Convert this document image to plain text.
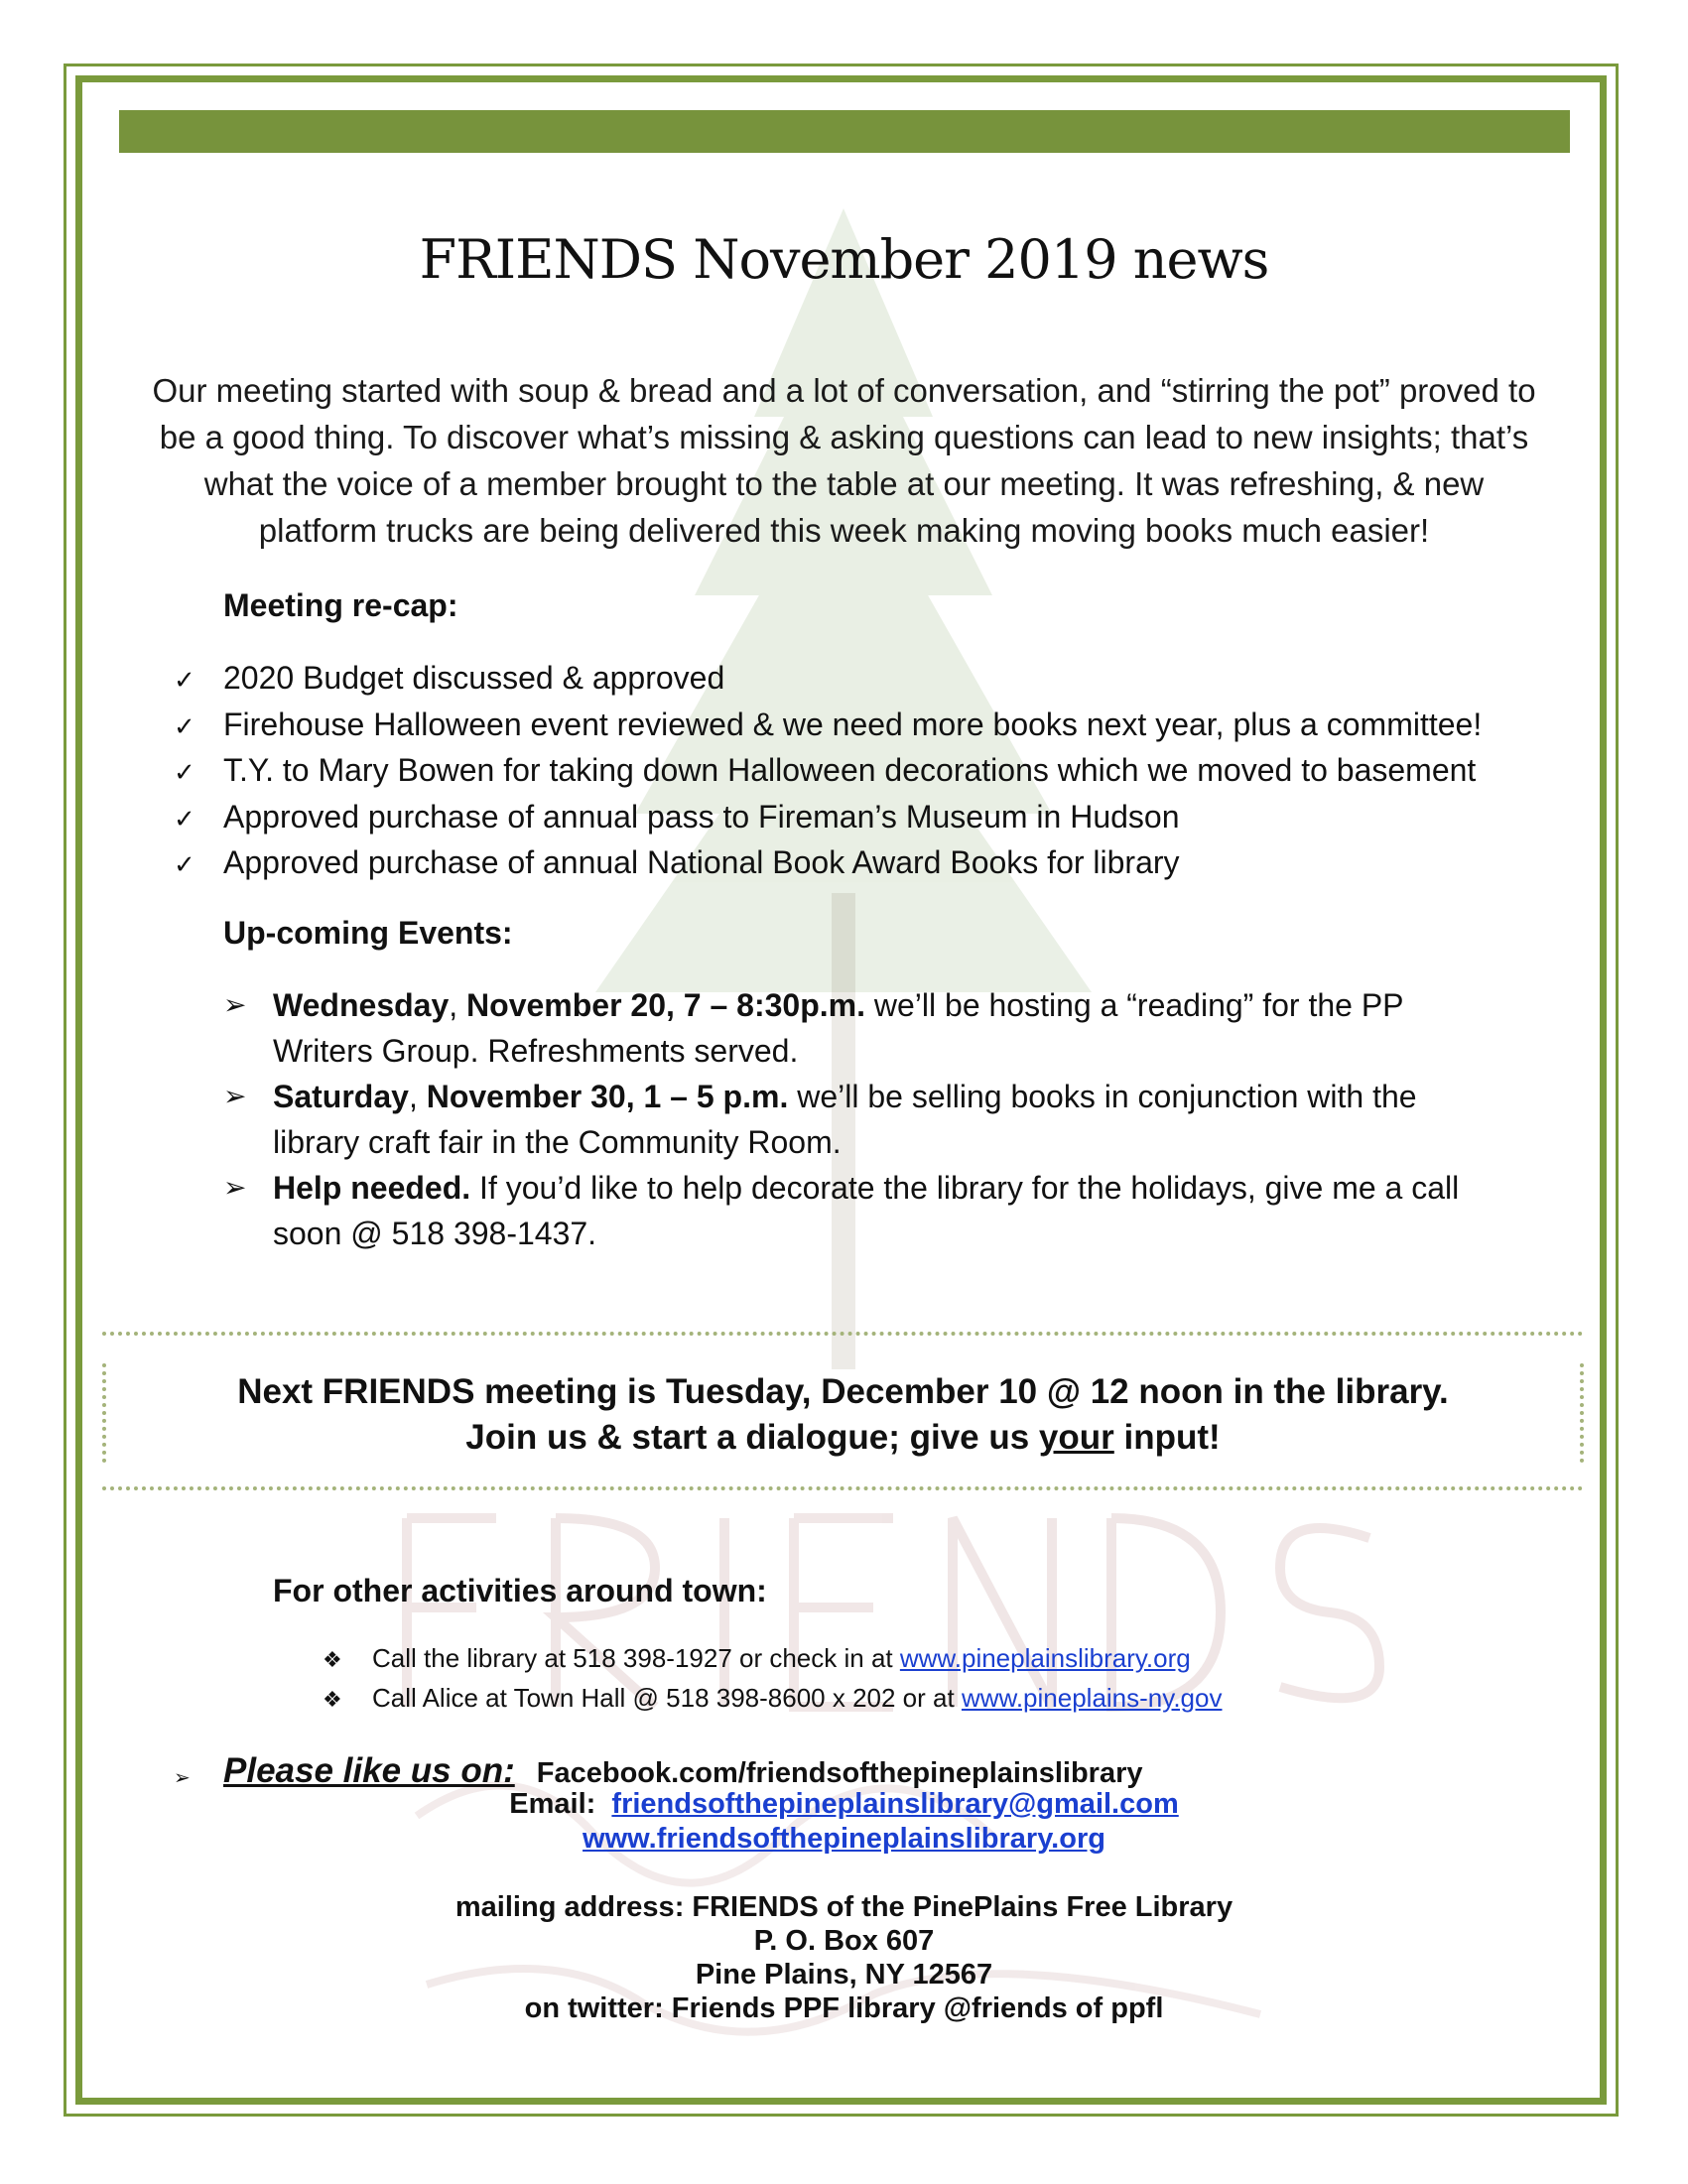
FRIENDS November 2019 news
Our meeting started with soup & bread and a lot of conversation, and “stirring the pot” proved to
be a good thing. To discover what’s missing & asking questions can lead to new insights; that’s
what the voice of a member brought to the table at our meeting. It was refreshing, & new
platform trucks are being delivered this week making moving books much easier!
Meeting re-cap:
✓ 2020 Budget discussed & approved
✓ Firehouse Halloween event reviewed & we need more books next year, plus a committee!
✓ T.Y. to Mary Bowen for taking down Halloween decorations which we moved to basement
✓ Approved purchase of annual pass to Fireman’s Museum in Hudson
✓ Approved purchase of annual National Book Award Books for library
Up-coming Events:
➢ Wednesday, November 20, 7 – 8:30p.m. we’ll be hosting a “reading” for the PP
Writers Group. Refreshments served.
➢ Saturday, November 30, 1 – 5 p.m. we’ll be selling books in conjunction with the
library craft fair in the Community Room.
➢ Help needed. If you’d like to help decorate the library for the holidays, give me a call
soon @ 518 398-1437.
Next FRIENDS meeting is Tuesday, December 10 @ 12 noon in the library.
Join us & start a dialogue; give us your input!
For other activities around town:
❖ Call the library at 518 398-1927 or check in at www.pineplainslibrary.org
❖ Call Alice at Town Hall @ 518 398-8600 x 202 or at www.pineplains-ny.gov
➢ Please like us on: Facebook.com/friendsofthepineplainslibrary
Email: friendsofthepineplainslibrary@gmail.com
www.friendsofthepineplainslibrary.org
mailing address: FRIENDS of the PinePlains Free Library
P. O. Box 607
Pine Plains, NY 12567
on twitter: Friends PPF library @friends of ppfl
